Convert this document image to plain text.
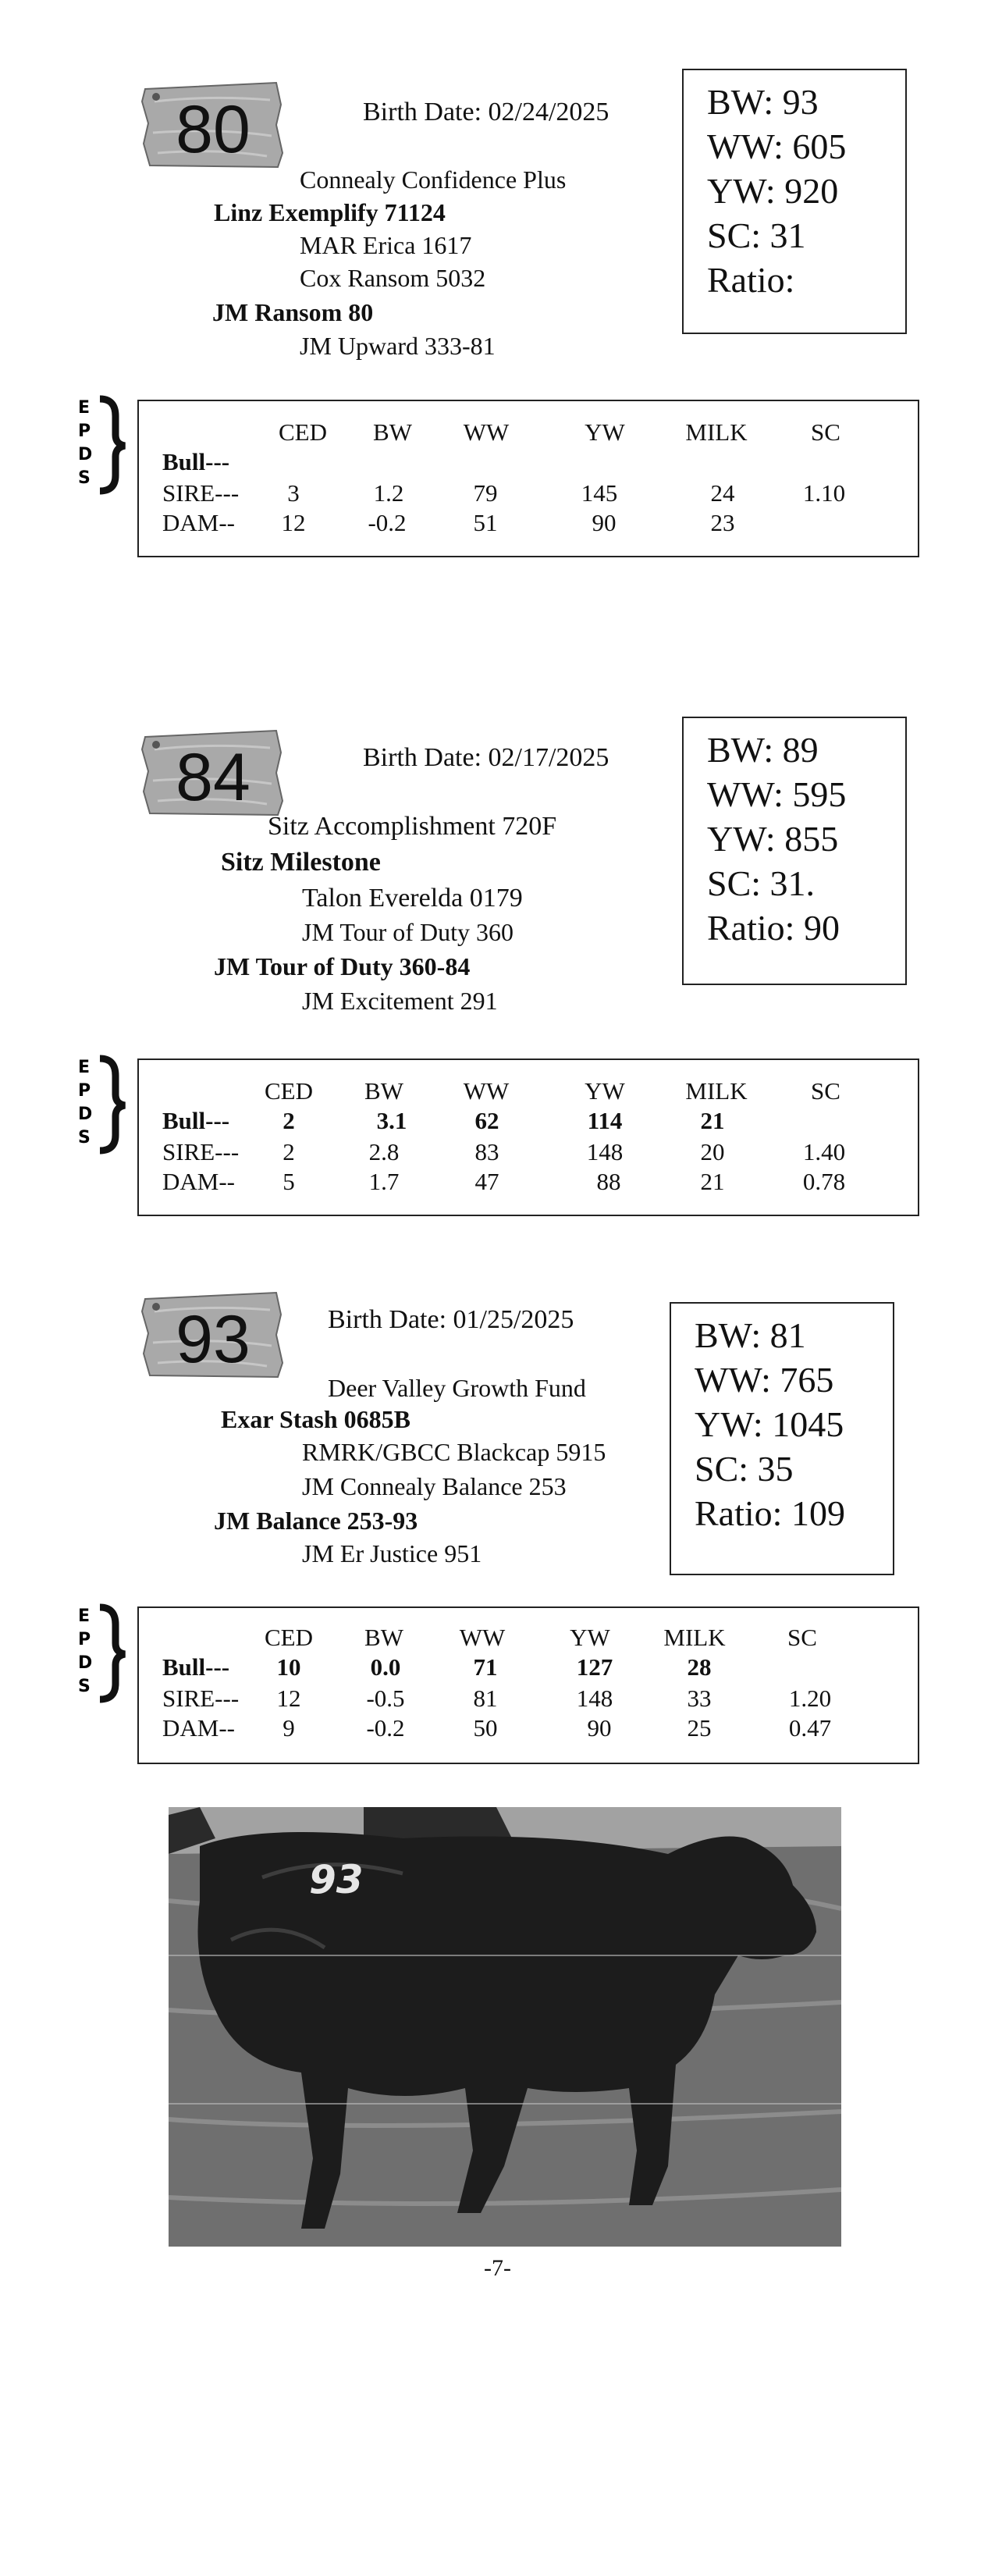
80	Birth Date: 02/24/2025
Connealy Confidence Plus
Linz Exemplify 71124
MAR Erica 1617
Cox Ransom 5032
JM Ransom 80
JM Upward 333-81
BW: 93
WW: 605
YW: 920
SC: 31
Ratio:
E
P
D
S
CED BW WW	YW	MILK	SC
Bull---
SIRE--- 3	1.2	79	145	24	1.10
DAM-- 12	-0.2	51	90	23
84	Birth Date: 02/17/2025
Sitz Accomplishment 720F
Sitz Milestone
Talon Everelda 0179
JM Tour of Duty 360
JM Tour of Duty 360-84
JM Excitement 291
BW: 89
WW: 595
YW: 855
SC: 31.
Ratio: 90
E
P
D
S
CED BW WW	YW	MILK	SC
Bull--- 2	3.1	62	114	21
SIRE--- 2	2.8	83	148	20	1.40
DAM-- 5	1.7	47	88	21	0.78
93	Birth Date: 01/25/2025
Deer Valley Growth Fund
Exar Stash 0685B
RMRK/GBCC Blackcap 5915
JM Connealy Balance 253
JM Balance 253-93
JM Er Justice 951
BW: 81
WW: 765
YW: 1045
SC: 35
Ratio: 109
E
P
D
S
CED BW WW	YW MILK	SC
Bull--- 10	0.0	71	127	28
SIRE--- 12	-0.5	81	148	33	1.20
DAM-- 9	-0.2	50	90	25	0.47
93
-7-
